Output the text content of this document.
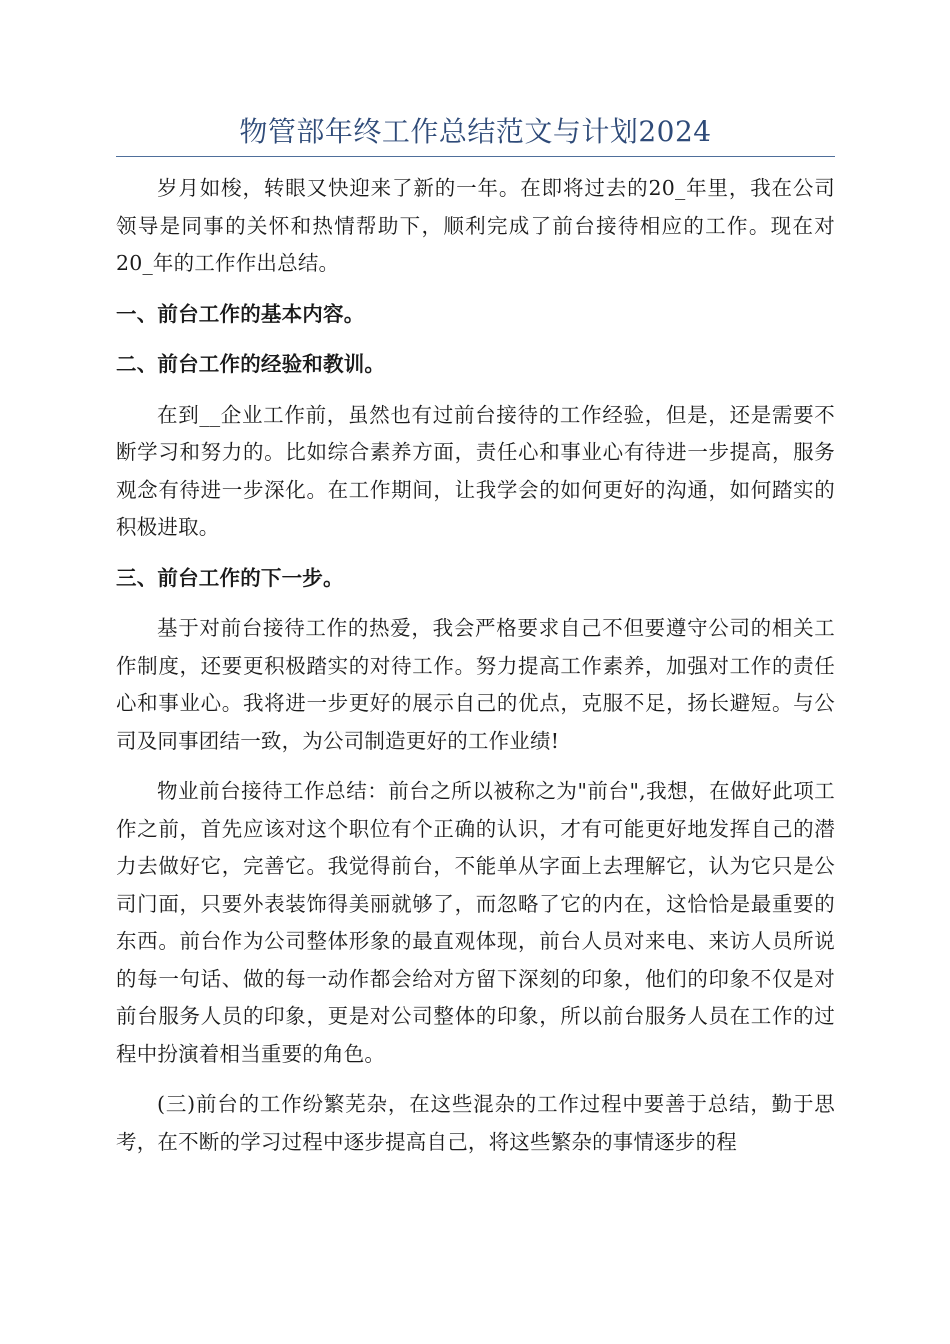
物管部年终工作总结范文与计划2024

岁月如梭，转眼又快迎来了新的一年。在即将过去的20_年里，我在公司领导是同事的关怀和热情帮助下，顺利完成了前台接待相应的工作。现在对20_年的工作作出总结。

一、前台工作的基本内容。

二、前台工作的经验和教训。

在到__企业工作前，虽然也有过前台接待的工作经验，但是，还是需要不断学习和努力的。比如综合素养方面，责任心和事业心有待进一步提高，服务观念有待进一步深化。在工作期间，让我学会的如何更好的沟通，如何踏实的积极进取。

三、前台工作的下一步。

基于对前台接待工作的热爱，我会严格要求自己不但要遵守公司的相关工作制度，还要更积极踏实的对待工作。努力提高工作素养，加强对工作的责任心和事业心。我将进一步更好的展示自己的优点，克服不足，扬长避短。与公司及同事团结一致，为公司制造更好的工作业绩!

物业前台接待工作总结：前台之所以被称之为"前台",我想，在做好此项工作之前，首先应该对这个职位有个正确的认识，才有可能更好地发挥自己的潜力去做好它，完善它。我觉得前台，不能单从字面上去理解它，认为它只是公司门面，只要外表装饰得美丽就够了，而忽略了它的内在，这恰恰是最重要的东西。前台作为公司整体形象的最直观体现，前台人员对来电、来访人员所说的每一句话、做的每一动作都会给对方留下深刻的印象，他们的印象不仅是对前台服务人员的印象，更是对公司整体的印象，所以前台服务人员在工作的过程中扮演着相当重要的角色。

(三)前台的工作纷繁芜杂，在这些混杂的工作过程中要善于总结，勤于思考，在不断的学习过程中逐步提高自己，将这些繁杂的事情逐步的程
